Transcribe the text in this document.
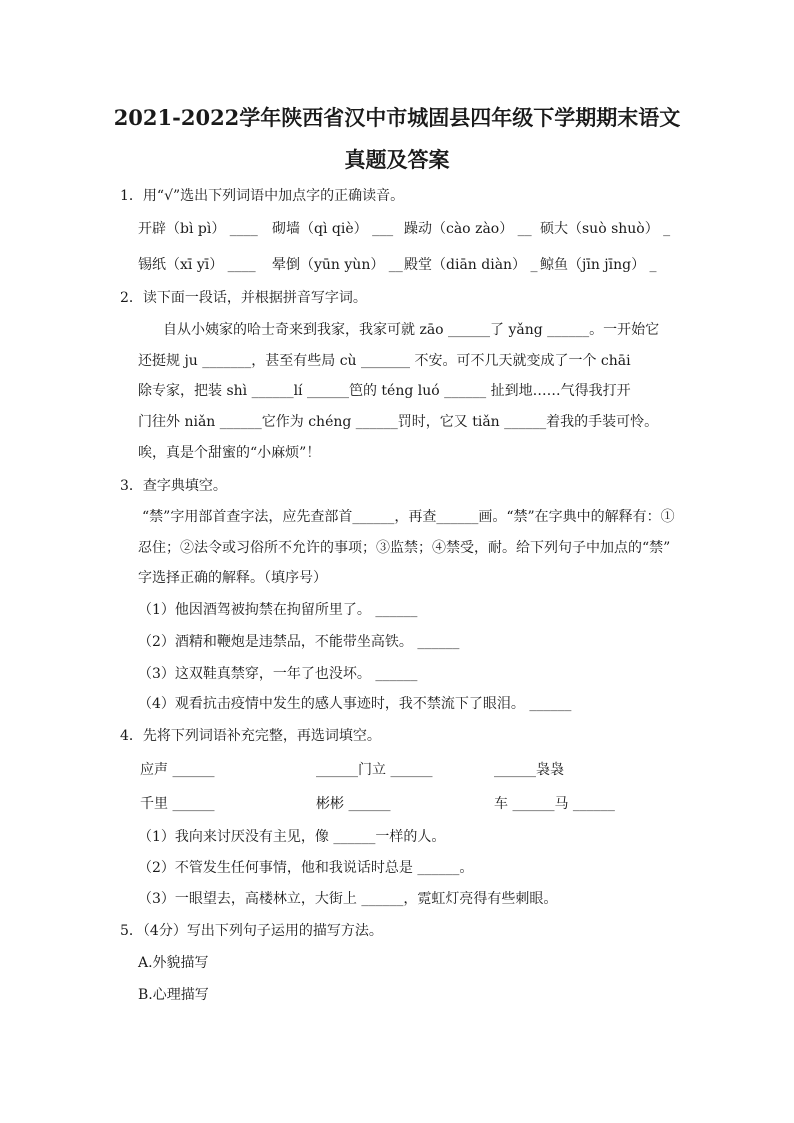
2021-2022学年陕西省汉中市城固县四年级下学期期末语文
真题及答案
1．用“√”选出下列词语中加点字的正确读音。
开辟（bì pì） ____ 砌墙（qì qiè） ___ 躁动（cào zào） __ 硕大（suò shuò） _
锡纸（xī yī） ____ 晕倒（yūn yùn） __ 殿堂（diān diàn） _ 鲸鱼（jīn jīng） _
2．读下面一段话，并根据拼音写字词。
自从小姨家的哈士奇来到我家，我家可就 zāo ______了 yǎng ______。一开始它
还挺规 ju _______，甚至有些局 cù _______ 不安。可不几天就变成了一个 chāi
除专家，把装 shì ______lí ______笆的 téng luó ______ 扯到地……气得我打开
门往外 niǎn ______它作为 chéng ______罚时，它又 tiǎn ______着我的手装可怜。
唉，真是个甜蜜的“小麻烦”！
3．查字典填空。
“禁”字用部首查字法，应先查部首______，再查______画。“禁”在字典中的解释有：①
忍住；②法令或习俗所不允许的事项；③监禁；④禁受，耐。给下列句子中加点的“禁”
字选择正确的解释。（填序号）
（1）他因酒驾被拘禁在拘留所里了。 ______
（2）酒精和鞭炮是违禁品，不能带坐高铁。 ______
（3）这双鞋真禁穿，一年了也没坏。 ______
（4）观看抗击疫情中发生的感人事迹时，我不禁流下了眼泪。 ______
4．先将下列词语补充完整，再选词填空。
应声 ______	______门立 ______	______袅袅
千里 ______	彬彬 ______	车 ______马 ______
（1）我向来讨厌没有主见，像 ______一样的人。
（2）不管发生任何事情，他和我说话时总是 ______。
（3）一眼望去，高楼林立，大街上 ______，霓虹灯亮得有些刺眼。
5．（4分）写出下列句子运用的描写方法。
A.外貌描写
B.心理描写
